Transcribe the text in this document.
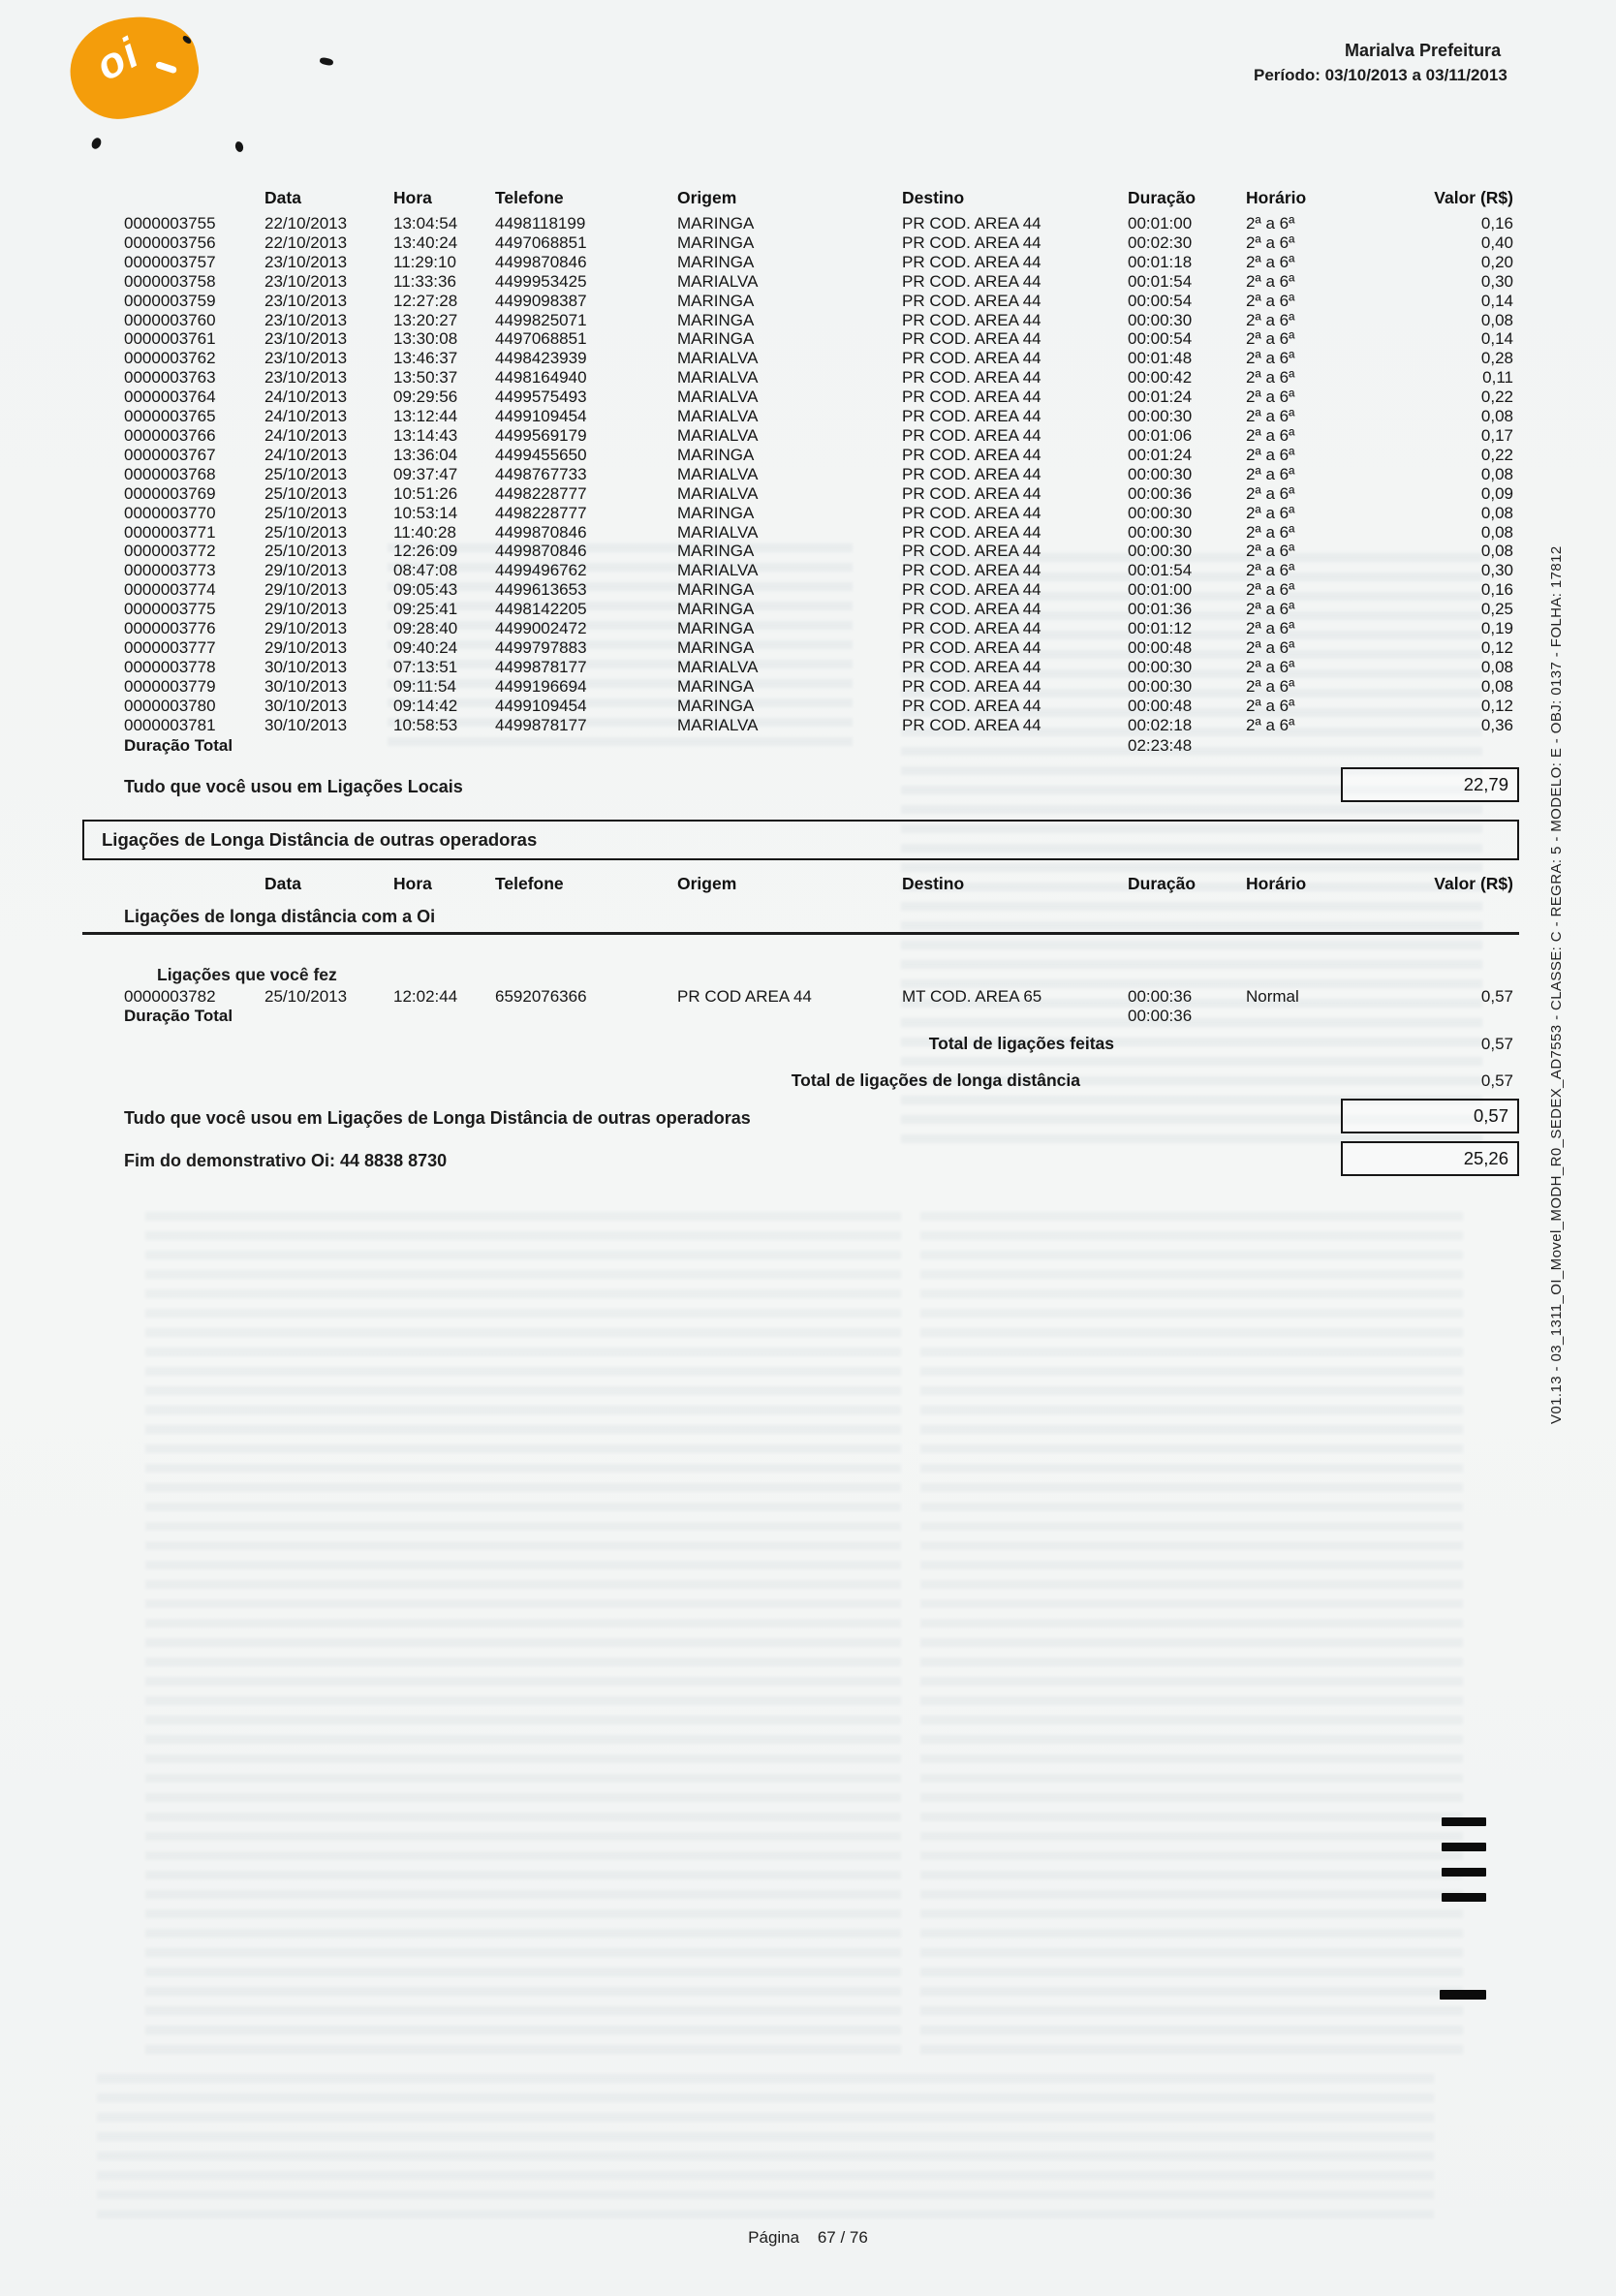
oi	Marialva Prefeitura
Período: 03/10/2013 a 03/11/2013
Data	Hora	Telefone	Origem	Destino	Duração	Horário	Valor (R$)
0000003755	22/10/2013	13:04:54	4498118199	MARINGA	PR COD. AREA 44	00:01:00	2ª a 6ª	0,16
0000003756	22/10/2013	13:40:24	4497068851	MARINGA	PR COD. AREA 44	00:02:30	2ª a 6ª	0,40
0000003757	23/10/2013	11:29:10	4499870846	MARINGA	PR COD. AREA 44	00:01:18	2ª a 6ª	0,20
0000003758	23/10/2013	11:33:36	4499953425	MARIALVA	PR COD. AREA 44	00:01:54	2ª a 6ª	0,30
0000003759	23/10/2013	12:27:28	4499098387	MARINGA	PR COD. AREA 44	00:00:54	2ª a 6ª	0,14
0000003760	23/10/2013	13:20:27	4499825071	MARINGA	PR COD. AREA 44	00:00:30	2ª a 6ª	0,08
0000003761	23/10/2013	13:30:08	4497068851	MARINGA	PR COD. AREA 44	00:00:54	2ª a 6ª	0,14
0000003762	23/10/2013	13:46:37	4498423939	MARIALVA	PR COD. AREA 44	00:01:48	2ª a 6ª	0,28
0000003763	23/10/2013	13:50:37	4498164940	MARIALVA	PR COD. AREA 44	00:00:42	2ª a 6ª	0,11
0000003764	24/10/2013	09:29:56	4499575493	MARIALVA	PR COD. AREA 44	00:01:24	2ª a 6ª	0,22
0000003765	24/10/2013	13:12:44	4499109454	MARIALVA	PR COD. AREA 44	00:00:30	2ª a 6ª	0,08
0000003766	24/10/2013	13:14:43	4499569179	MARIALVA	PR COD. AREA 44	00:01:06	2ª a 6ª	0,17
0000003767	24/10/2013	13:36:04	4499455650	MARINGA	PR COD. AREA 44	00:01:24	2ª a 6ª	0,22
0000003768	25/10/2013	09:37:47	4498767733	MARIALVA	PR COD. AREA 44	00:00:30	2ª a 6ª	0,08
0000003769	25/10/2013	10:51:26	4498228777	MARIALVA	PR COD. AREA 44	00:00:36	2ª a 6ª	0,09
0000003770	25/10/2013	10:53:14	4498228777	MARINGA	PR COD. AREA 44	00:00:30	2ª a 6ª	0,08
0000003771	25/10/2013	11:40:28	4499870846	MARIALVA	PR COD. AREA 44	00:00:30	2ª a 6ª	0,08
0000003772	25/10/2013	12:26:09	4499870846	MARINGA	PR COD. AREA 44	00:00:30	2ª a 6ª	0,08
0000003773	29/10/2013	08:47:08	4499496762	MARIALVA	PR COD. AREA 44	00:01:54	2ª a 6ª	0,30
0000003774	29/10/2013	09:05:43	4499613653	MARINGA	PR COD. AREA 44	00:01:00	2ª a 6ª	0,16
0000003775	29/10/2013	09:25:41	4498142205	MARINGA	PR COD. AREA 44	00:01:36	2ª a 6ª	0,25
0000003776	29/10/2013	09:28:40	4499002472	MARINGA	PR COD. AREA 44	00:01:12	2ª a 6ª	0,19
0000003777	29/10/2013	09:40:24	4499797883	MARINGA	PR COD. AREA 44	00:00:48	2ª a 6ª	0,12
0000003778	30/10/2013	07:13:51	4499878177	MARIALVA	PR COD. AREA 44	00:00:30	2ª a 6ª	0,08
0000003779	30/10/2013	09:11:54	4499196694	MARINGA	PR COD. AREA 44	00:00:30	2ª a 6ª	0,08
0000003780	30/10/2013	09:14:42	4499109454	MARINGA	PR COD. AREA 44	00:00:48	2ª a 6ª	0,12
0000003781	30/10/2013	10:58:53	4499878177	MARIALVA	PR COD. AREA 44	00:02:18	2ª a 6ª	0,36
Duração Total	02:23:48
Tudo que você usou em Ligações Locais	22,79
Ligações de Longa Distância de outras operadoras
Data	Hora	Telefone	Origem	Destino	Duração	Horário	Valor (R$)
Ligações de longa distância com a Oi
Ligações que você fez
0000003782	25/10/2013	12:02:44	6592076366	PR COD AREA 44	MT COD. AREA 65	00:00:36	Normal	0,57
Duração Total	00:00:36
Total de ligações feitas	0,57
Total de ligações de longa distância	0,57
Tudo que você usou em Ligações de Longa Distância de outras operadoras	0,57
Fim do demonstrativo Oi: 44 8838 8730	25,26	V01.13 - 03_1311_OI_Movel_MODH_R0_SEDEX_AD7553 - CLASSE: C - REGRA: 5 - MODELO: E - OBJ: 0137 - FOLHA: 17812
Página 67 / 76
